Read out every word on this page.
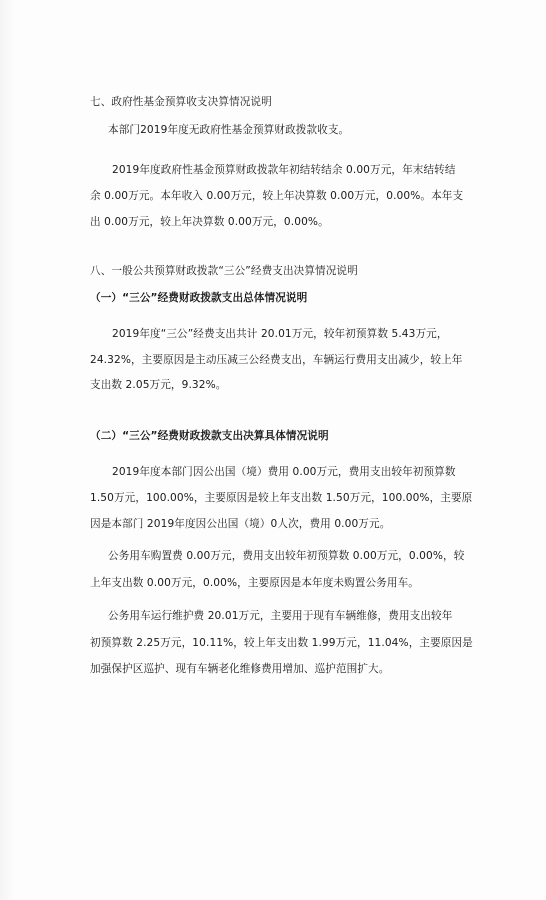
七、政府性基金预算收支决算情况说明
本部门2019年度无政府性基金预算财政拨款收支。
2019年度政府性基金预算财政拨款年初结转结余 0.00万元，年末结转结
余 0.00万元。本年收入 0.00万元，较上年决算数 0.00万元，0.00%。本年支
出 0.00万元，较上年决算数 0.00万元，0.00%。
八、一般公共预算财政拨款“三公”经费支出决算情况说明
（一）“三公”经费财政拨款支出总体情况说明
2019年度“三公”经费支出共计 20.01万元，较年初预算数 5.43万元，
24.32%，主要原因是主动压减三公经费支出，车辆运行费用支出减少，较上年
支出数 2.05万元，9.32%。
（二）“三公”经费财政拨款支出决算具体情况说明
2019年度本部门因公出国（境）费用 0.00万元，费用支出较年初预算数
1.50万元，100.00%，主要原因是较上年支出数 1.50万元，100.00%，主要原
因是本部门 2019年度因公出国（境）0人次，费用 0.00万元。
公务用车购置费 0.00万元，费用支出较年初预算数 0.00万元，0.00%，较
上年支出数 0.00万元，0.00%，主要原因是本年度未购置公务用车。
公务用车运行维护费 20.01万元，主要用于现有车辆维修，费用支出较年
初预算数 2.25万元，10.11%，较上年支出数 1.99万元，11.04%，主要原因是
加强保护区巡护、现有车辆老化维修费用增加、巡护范围扩大。
